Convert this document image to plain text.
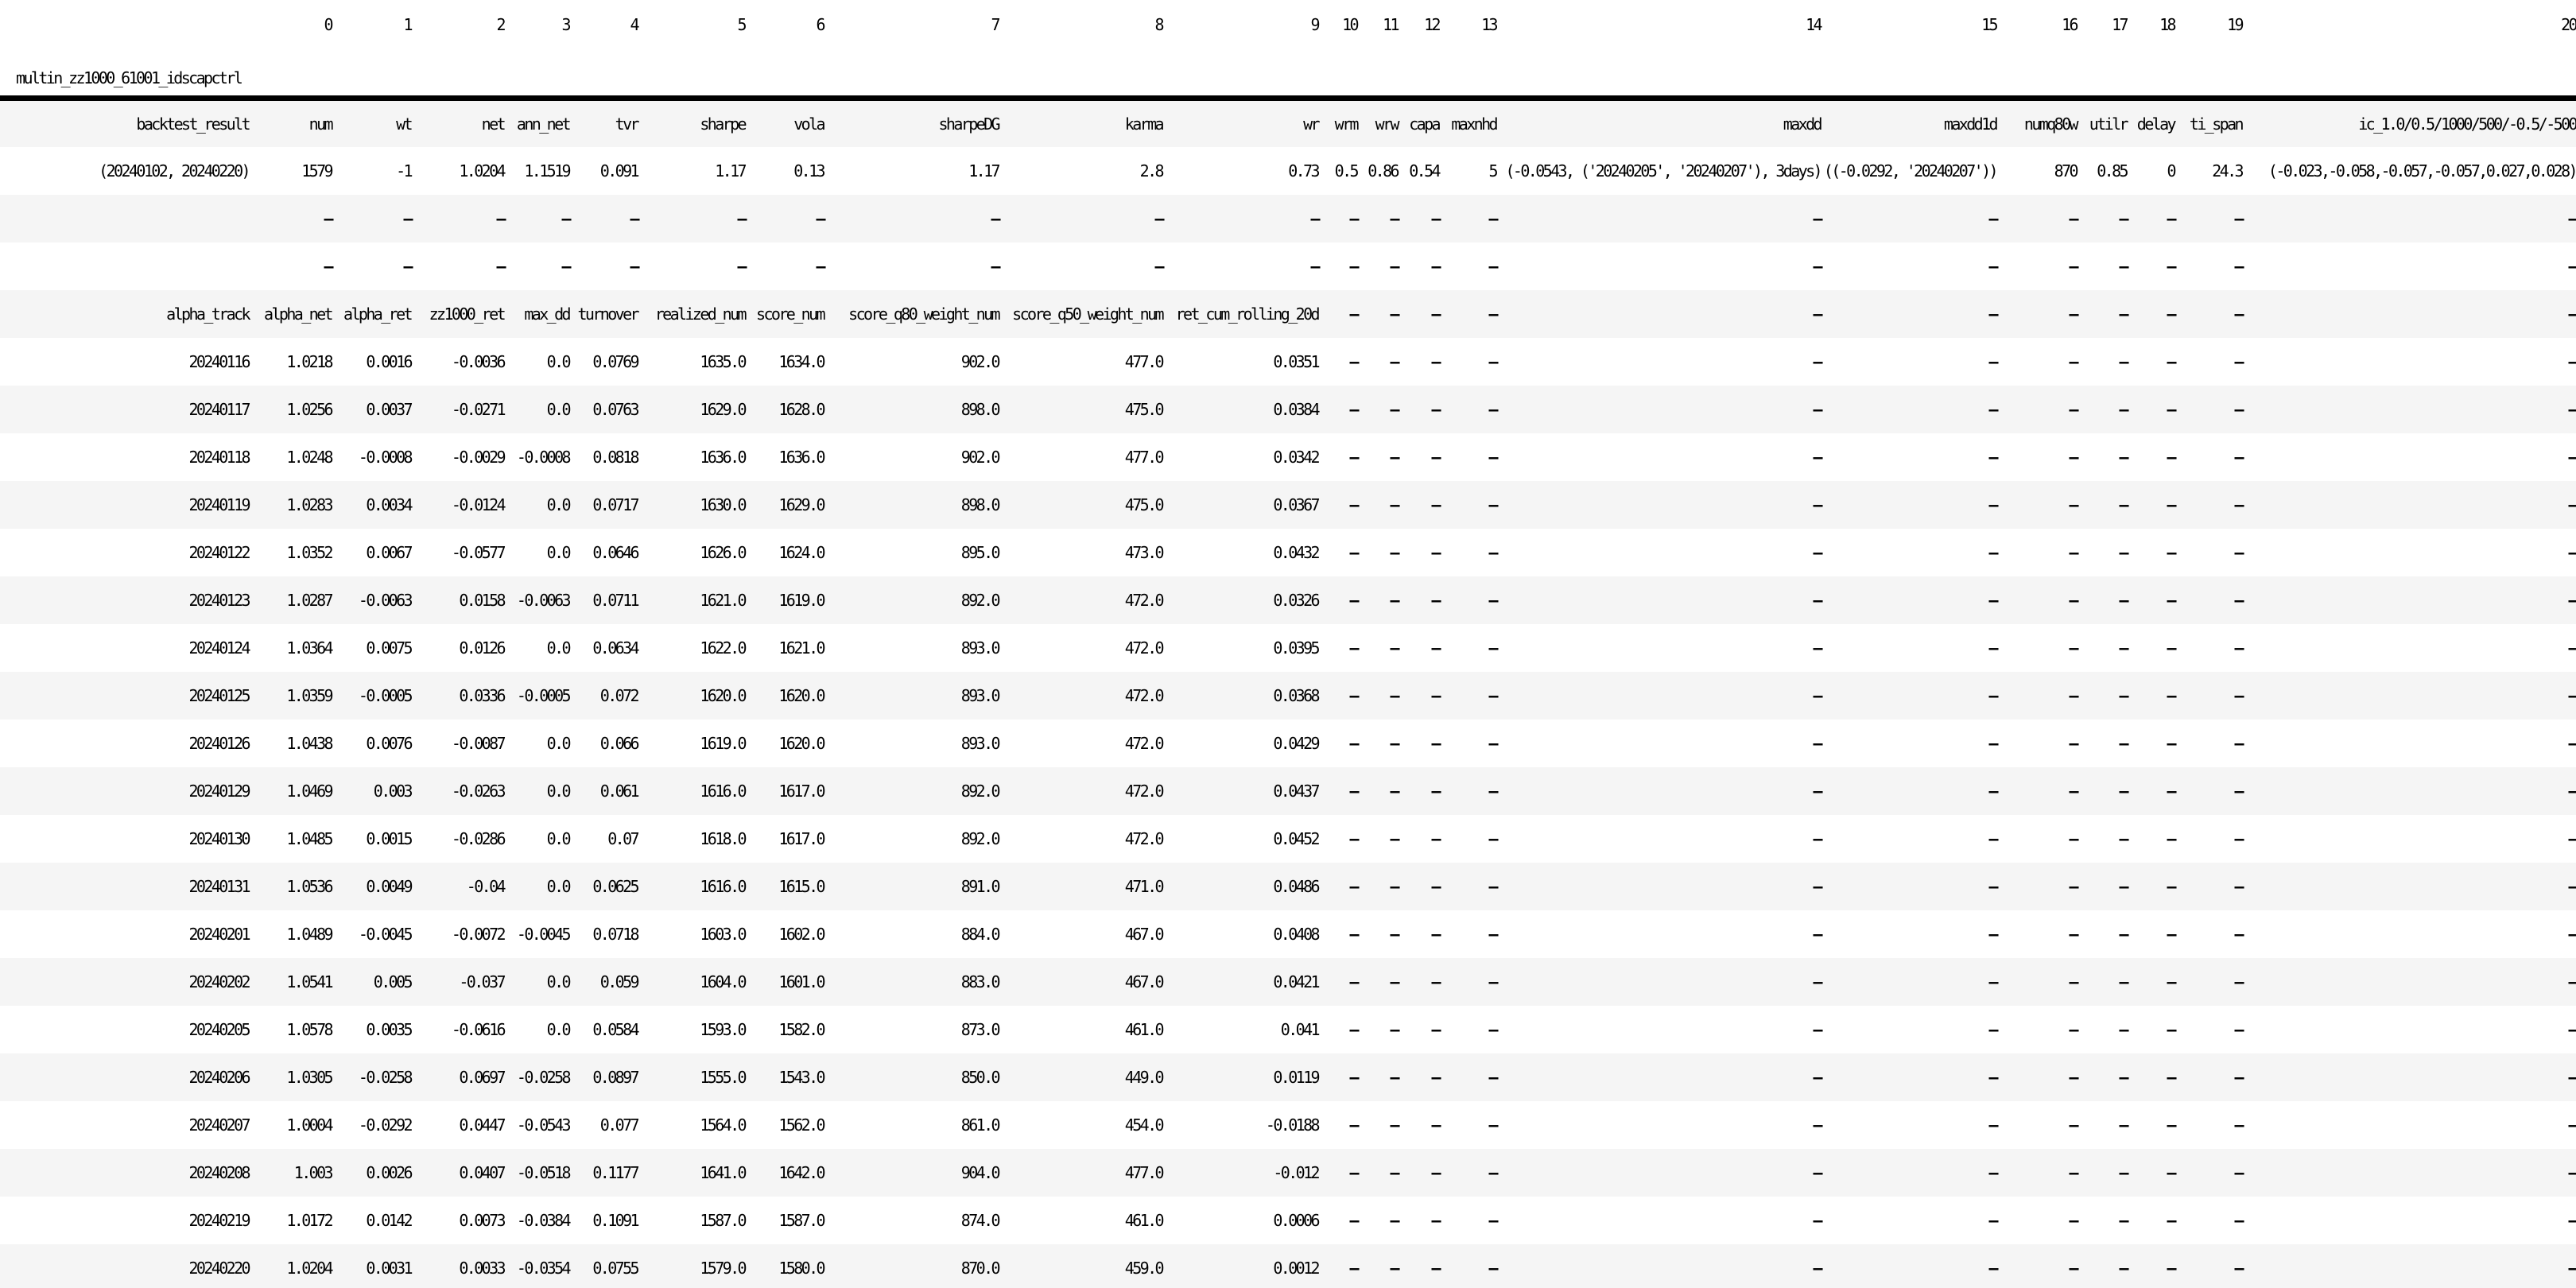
	0	1	2	3	4	5	6	7	8	9	10	11	12	13	14	15	16	17	18	19	20
multin_zz1000_61001_idscapctrl																					
backtest_result	num	wt	net	ann_net	tvr	sharpe	vola	sharpeDG	karma	wr	wrm	wrw	capa	maxnhd	maxdd	maxdd1d	numq80w	utilr	delay	ti_span	ic_1.0/0.5/1000/500/-0.5/-500
(20240102, 20240220)	1579	-1	1.0204	1.1519	0.091	1.17	0.13	1.17	2.8	0.73	0.5	0.86	0.54	5	(-0.0543, ('20240205', '20240207'), 3days)	((-0.0292, '20240207'))	870	0.85	0	24.3	(-0.023,-0.058,-0.057,-0.057,0.027,0.028)
	—	—	—	—	—	—	—	—	—	—	—	—	—	—	—	—	—	—	—	—	—
	—	—	—	—	—	—	—	—	—	—	—	—	—	—	—	—	—	—	—	—	—
alpha_track	alpha_net	alpha_ret	zz1000_ret	max_dd	turnover	realized_num	score_num	score_q80_weight_num	score_q50_weight_num	ret_cum_rolling_20d	—	—	—	—	—	—	—	—	—	—	—
20240116	1.0218	0.0016	-0.0036	0.0	0.0769	1635.0	1634.0	902.0	477.0	0.0351	—	—	—	—	—	—	—	—	—	—	—
20240117	1.0256	0.0037	-0.0271	0.0	0.0763	1629.0	1628.0	898.0	475.0	0.0384	—	—	—	—	—	—	—	—	—	—	—
20240118	1.0248	-0.0008	-0.0029	-0.0008	0.0818	1636.0	1636.0	902.0	477.0	0.0342	—	—	—	—	—	—	—	—	—	—	—
20240119	1.0283	0.0034	-0.0124	0.0	0.0717	1630.0	1629.0	898.0	475.0	0.0367	—	—	—	—	—	—	—	—	—	—	—
20240122	1.0352	0.0067	-0.0577	0.0	0.0646	1626.0	1624.0	895.0	473.0	0.0432	—	—	—	—	—	—	—	—	—	—	—
20240123	1.0287	-0.0063	0.0158	-0.0063	0.0711	1621.0	1619.0	892.0	472.0	0.0326	—	—	—	—	—	—	—	—	—	—	—
20240124	1.0364	0.0075	0.0126	0.0	0.0634	1622.0	1621.0	893.0	472.0	0.0395	—	—	—	—	—	—	—	—	—	—	—
20240125	1.0359	-0.0005	0.0336	-0.0005	0.072	1620.0	1620.0	893.0	472.0	0.0368	—	—	—	—	—	—	—	—	—	—	—
20240126	1.0438	0.0076	-0.0087	0.0	0.066	1619.0	1620.0	893.0	472.0	0.0429	—	—	—	—	—	—	—	—	—	—	—
20240129	1.0469	0.003	-0.0263	0.0	0.061	1616.0	1617.0	892.0	472.0	0.0437	—	—	—	—	—	—	—	—	—	—	—
20240130	1.0485	0.0015	-0.0286	0.0	0.07	1618.0	1617.0	892.0	472.0	0.0452	—	—	—	—	—	—	—	—	—	—	—
20240131	1.0536	0.0049	-0.04	0.0	0.0625	1616.0	1615.0	891.0	471.0	0.0486	—	—	—	—	—	—	—	—	—	—	—
20240201	1.0489	-0.0045	-0.0072	-0.0045	0.0718	1603.0	1602.0	884.0	467.0	0.0408	—	—	—	—	—	—	—	—	—	—	—
20240202	1.0541	0.005	-0.037	0.0	0.059	1604.0	1601.0	883.0	467.0	0.0421	—	—	—	—	—	—	—	—	—	—	—
20240205	1.0578	0.0035	-0.0616	0.0	0.0584	1593.0	1582.0	873.0	461.0	0.041	—	—	—	—	—	—	—	—	—	—	—
20240206	1.0305	-0.0258	0.0697	-0.0258	0.0897	1555.0	1543.0	850.0	449.0	0.0119	—	—	—	—	—	—	—	—	—	—	—
20240207	1.0004	-0.0292	0.0447	-0.0543	0.077	1564.0	1562.0	861.0	454.0	-0.0188	—	—	—	—	—	—	—	—	—	—	—
20240208	1.003	0.0026	0.0407	-0.0518	0.1177	1641.0	1642.0	904.0	477.0	-0.012	—	—	—	—	—	—	—	—	—	—	—
20240219	1.0172	0.0142	0.0073	-0.0384	0.1091	1587.0	1587.0	874.0	461.0	0.0006	—	—	—	—	—	—	—	—	—	—	—
20240220	1.0204	0.0031	0.0033	-0.0354	0.0755	1579.0	1580.0	870.0	459.0	0.0012	—	—	—	—	—	—	—	—	—	—	—
